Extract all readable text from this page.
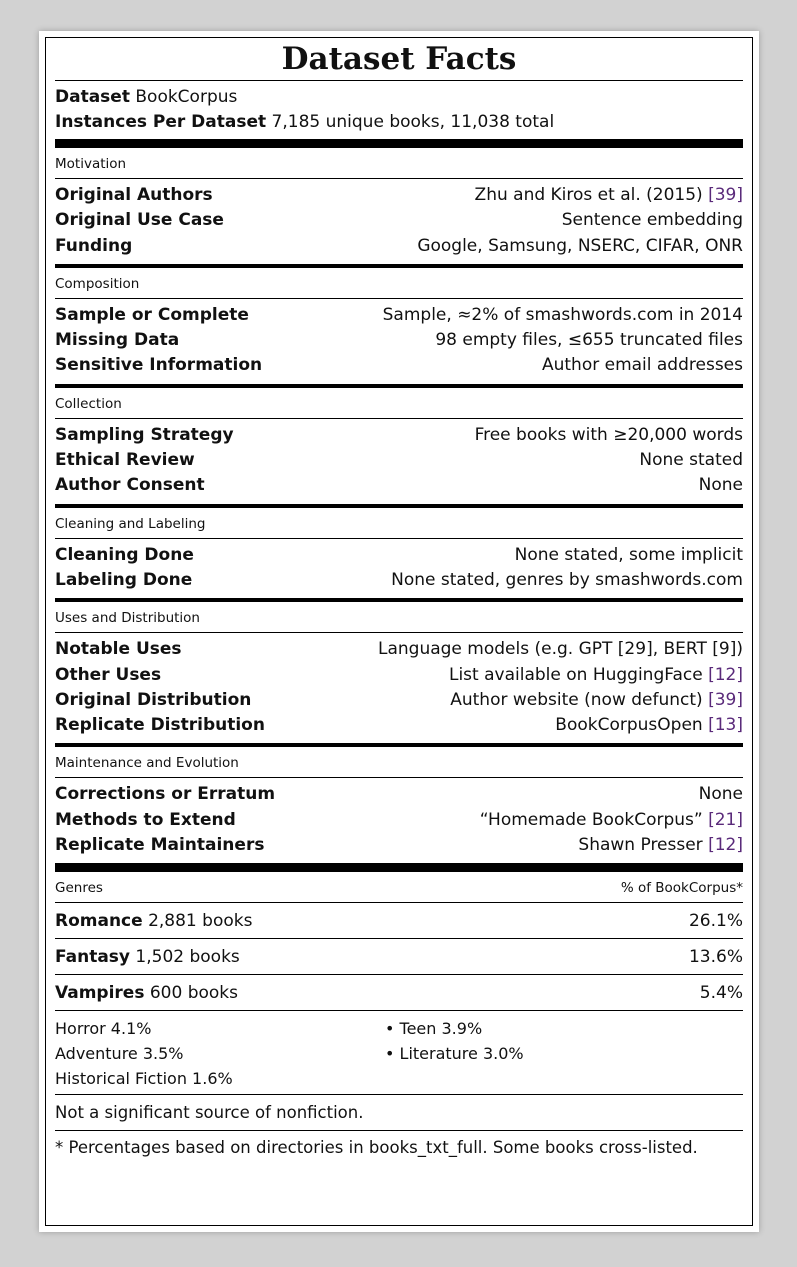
Dataset Facts
Dataset BookCorpus
Instances Per Dataset 7,185 unique books, 11,038 total
Motivation
Original Authors	Zhu and Kiros et al. (2015) [39]
Original Use Case	Sentence embedding
Funding	Google, Samsung, NSERC, CIFAR, ONR
Composition
Sample or Complete	Sample, ≈2% of smashwords.com in 2014
Missing Data	98 empty files, ≤655 truncated files
Sensitive Information	Author email addresses
Collection
Sampling Strategy	Free books with ≥20,000 words
Ethical Review	None stated
Author Consent	None
Cleaning and Labeling
Cleaning Done	None stated, some implicit
Labeling Done	None stated, genres by smashwords.com
Uses and Distribution
Notable Uses	Language models (e.g. GPT [29], BERT [9])
Other Uses	List available on HuggingFace [12]
Original Distribution	Author website (now defunct) [39]
Replicate Distribution	BookCorpusOpen [13]
Maintenance and Evolution
Corrections or Erratum	None
Methods to Extend	“Homemade BookCorpus” [21]
Replicate Maintainers	Shawn Presser [12]
Genres	% of BookCorpus*
Romance 2,881 books	26.1%
Fantasy 1,502 books	13.6%
Vampires 600 books	5.4%
Horror 4.1%
Adventure 3.5%
Historical Fiction 1.6%
• Teen 3.9%
• Literature 3.0%
Not a significant source of nonfiction.
* Percentages based on directories in books_txt_full. Some books cross-listed.
